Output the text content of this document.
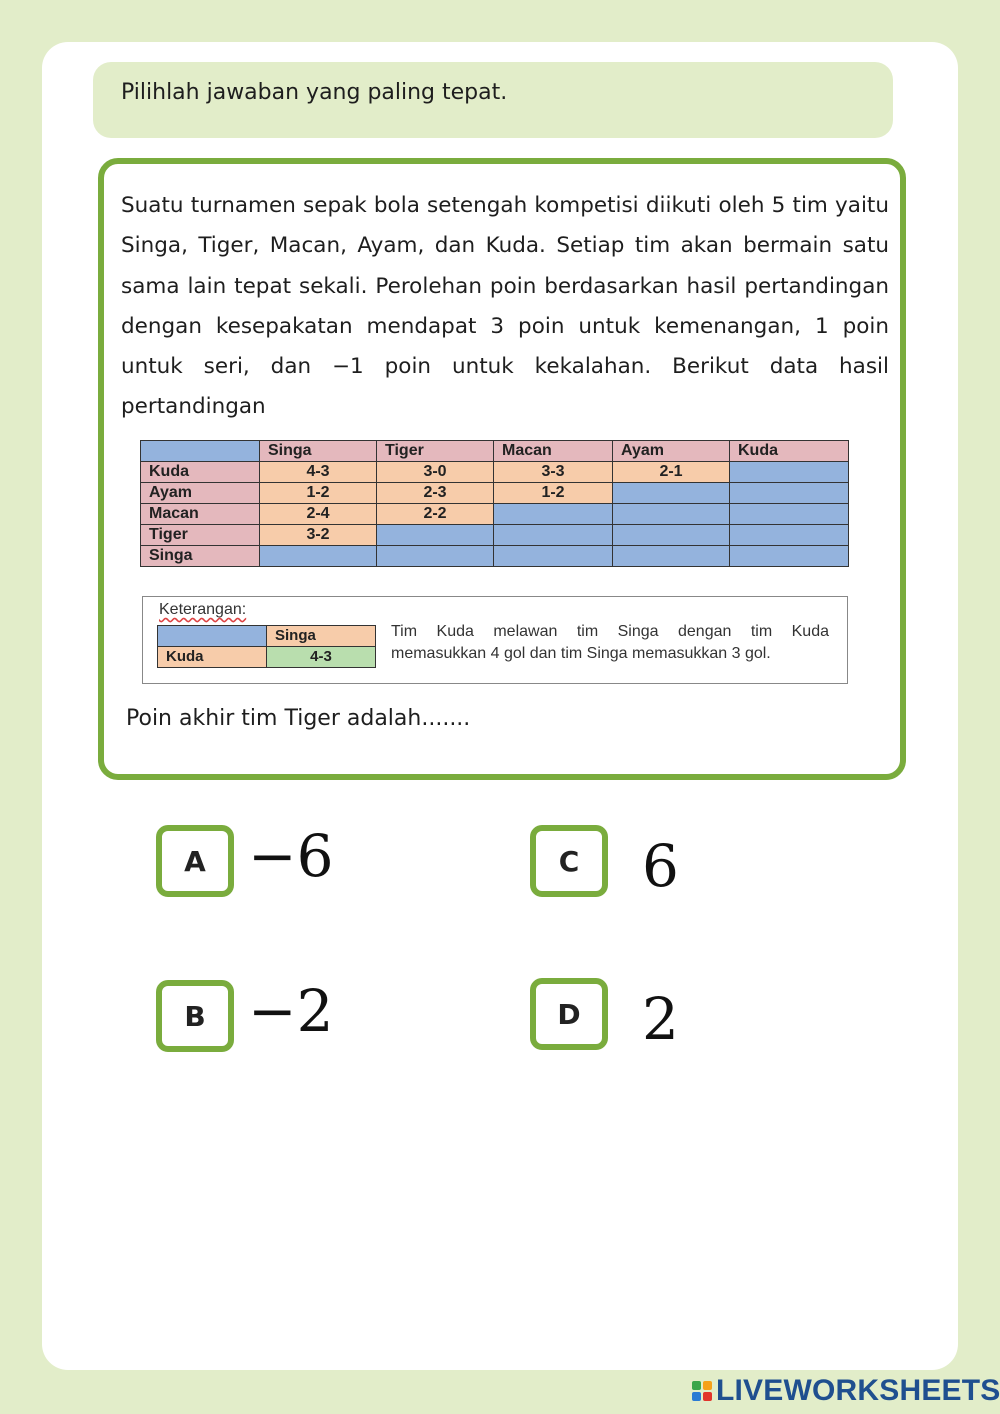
Pilihlah jawaban yang paling tepat.

Suatu turnamen sepak bola setengah kompetisi diikuti oleh 5 tim yaitu Singa, Tiger, Macan, Ayam, dan Kuda. Setiap tim akan bermain satu sama lain tepat sekali. Perolehan poin berdasarkan hasil pertandingan dengan kesepakatan mendapat 3 poin untuk kemenangan, 1 poin untuk seri, dan −1 poin untuk kekalahan. Berikut data hasil pertandingan

	Singa	Tiger	Macan	Ayam	Kuda
Kuda	4-3	3-0	3-3	2-1	
Ayam	1-2	2-3	1-2		
Macan	2-4	2-2			
Tiger	3-2				
Singa					
Keterangan:
	Singa
Kuda	4-3
Tim Kuda melawan tim Singa dengan tim Kuda
memasukkan 4 gol dan tim Singa memasukkan 3 gol.
Poin akhir tim Tiger adalah.......
A −6
B −2
C	6
D	2
LIVEWORKSHEETS
